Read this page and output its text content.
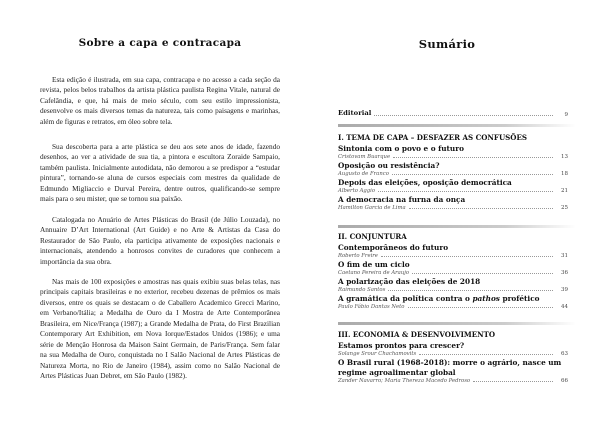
Sobre a capa e contracapa	Sumário
Esta edição é ilustrada, em sua capa, contracapa e no acesso a cada seção da revista, pelos belos trabalhos da artista plástica paulista Regina Vitale, natural de Cafelândia, e que, há mais de meio século, com seu estilo impressionista, desenvolve os mais diversos temas da natureza, tais como paisagens e marinhas, além de figuras e retratos, em óleo sobre tela.
Sua descoberta para a arte plástica se deu aos sete anos de idade, fazendo desenhos, ao ver a atividade de sua tia, a pintora e escultora Zoraide Sampaio, também paulista. Inicialmente autodidata, não demorou a se predispor a “estudar pintura”, tornando-se aluna de cursos especiais com mestres da qualidade de Edmundo Migliaccio e Durval Pereira, dentre outros, qualificando-se sempre mais para o seu mister, que se tornou sua paixão.
Catalogada no Anuário de Artes Plásticas do Brasil (de Júlio Louzada), no Annuaire D’Art International (Art Guide) e no Arte & Artistas da Casa do Restaurador de São Paulo, ela participa ativamente de exposições nacionais e internacionais, atendendo a honrosos convites de curadores que conhecem a importância da sua obra.
Nas mais de 100 exposições e amostras nas quais exibiu suas belas telas, nas principais capitais brasileiras e no exterior, recebeu dezenas de prêmios os mais diversos, entre os quais se destacam o de Caballero Academico Grecci Marino, em Verbano/Itália; a Medalha de Ouro da I Mostra de Arte Contemporânea Brasileira, em Nice/França (1987); a Grande Medalha de Prata, do First Brazilian Contemporary Art Exhibition, em Nova Iorque/Estados Unidos (1986); e uma série de Menção Honrosa da Maison Saint Germain, de Paris/França. Sem falar na sua Medalha de Ouro, conquistada no I Salão Nacional de Artes Plásticas de Natureza Morta, no Rio de Janeiro (1984), assim como no Salão Nacional de Artes Plásticas Juan Debret, em São Paulo (1982).
Editorial	9
I. TEMA DE CAPA – DESFAZER AS CONFUSÕES
Sintonia com o povo e o futuro
Cristovam Buarque	13
Oposição ou resistência?
Augusto de Franco	18
Depois das eleições, oposição democrática
Alberto Aggio	21
A democracia na furna da onça
Hamilton Garcia de Lima	25
II. CONJUNTURA
Contemporâneos do futuro
Roberto Freire	31
O fim de um ciclo
Caetano Pereira de Araujo	36
A polarização das eleições de 2018
Raimundo Santos	39
A gramática da política contra o pathos profético
Paulo Fábio Dantas Neto	44
III. ECONOMIA & DESENVOLVIMENTO
Estamos prontos para crescer?
Solange Srour Chachamovits	63
O Brasil rural (1968-2018): morre o agrário, nasce um regime agroalimentar global
Zander Navarro; Maria Thereza Macedo Pedroso	66
